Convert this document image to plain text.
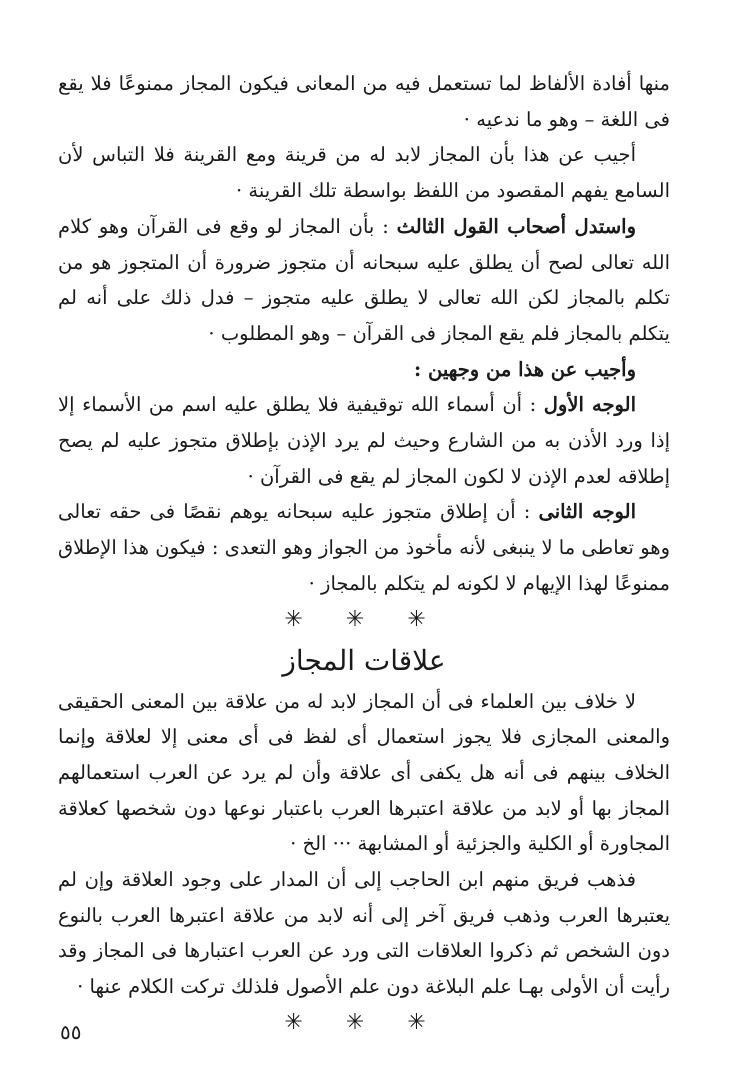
منها أفادة الألفاظ لما تستعمل فيه من المعانى فيكون المجاز ممنوعًا فلا يقع فى اللغة – وهو ما ندعيه ·

أجيب عن هذا بأن المجاز لابد له من قرينة ومع القرينة فلا التباس لأن السامع يفهم المقصود من اللفظ بواسطة تلك القرينة ·

واستدل أصحاب القول الثالث : بأن المجاز لو وقع فى القرآن وهو كلام الله تعالى لصح أن يطلق عليه سبحانه أن متجوز ضرورة أن المتجوز هو من تكلم بالمجاز لكن الله تعالى لا يطلق عليه متجوز – فدل ذلك على أنه لم يتكلم بالمجاز فلم يقع المجاز فى القرآن – وهو المطلوب ·

وأجيب عن هذا من وجهين :

الوجه الأول : أن أسماء الله توقيفية فلا يطلق عليه اسم من الأسماء إلا إذا ورد الأذن به من الشارع وحيث لم يرد الإذن بإطلاق متجوز عليه لم يصح إطلاقه لعدم الإذن لا لكون المجاز لم يقع فى القرآن ·

الوجه الثانى : أن إطلاق متجوز عليه سبحانه يوهم نقصًا فى حقه تعالى وهو تعاطى ما لا ينبغى لأنه مأخوذ من الجواز وهو التعدى : فيكون هذا الإطلاق ممنوعًا لهذا الإيهام لا لكونه لم يتكلم بالمجاز ·

✳ ✳ ✳
علاقات المجاز

لا خلاف بين العلماء فى أن المجاز لابد له من علاقة بين المعنى الحقيقى والمعنى المجازى فلا يجوز استعمال أى لفظ فى أى معنى إلا لعلاقة وإنما الخلاف بينهم فى أنه هل يكفى أى علاقة وأن لم يرد عن العرب استعمالهم المجاز بها أو لابد من علاقة اعتبرها العرب باعتبار نوعها دون شخصها كعلاقة المجاورة أو الكلية والجزئية أو المشابهة ··· الخ ·

فذهب فريق منهم ابن الحاجب إلى أن المدار على وجود العلاقة وإن لم يعتبرها العرب وذهب فريق آخر إلى أنه لابد من علاقة اعتبرها العرب بالنوع دون الشخص ثم ذكروا العلاقات التى ورد عن العرب اعتبارها فى المجاز وقد رأيت أن الأولى بهـا علم البلاغة دون علم الأصول فلذلك تركت الكلام عنها ·

✳ ✳ ✳
٥٥
